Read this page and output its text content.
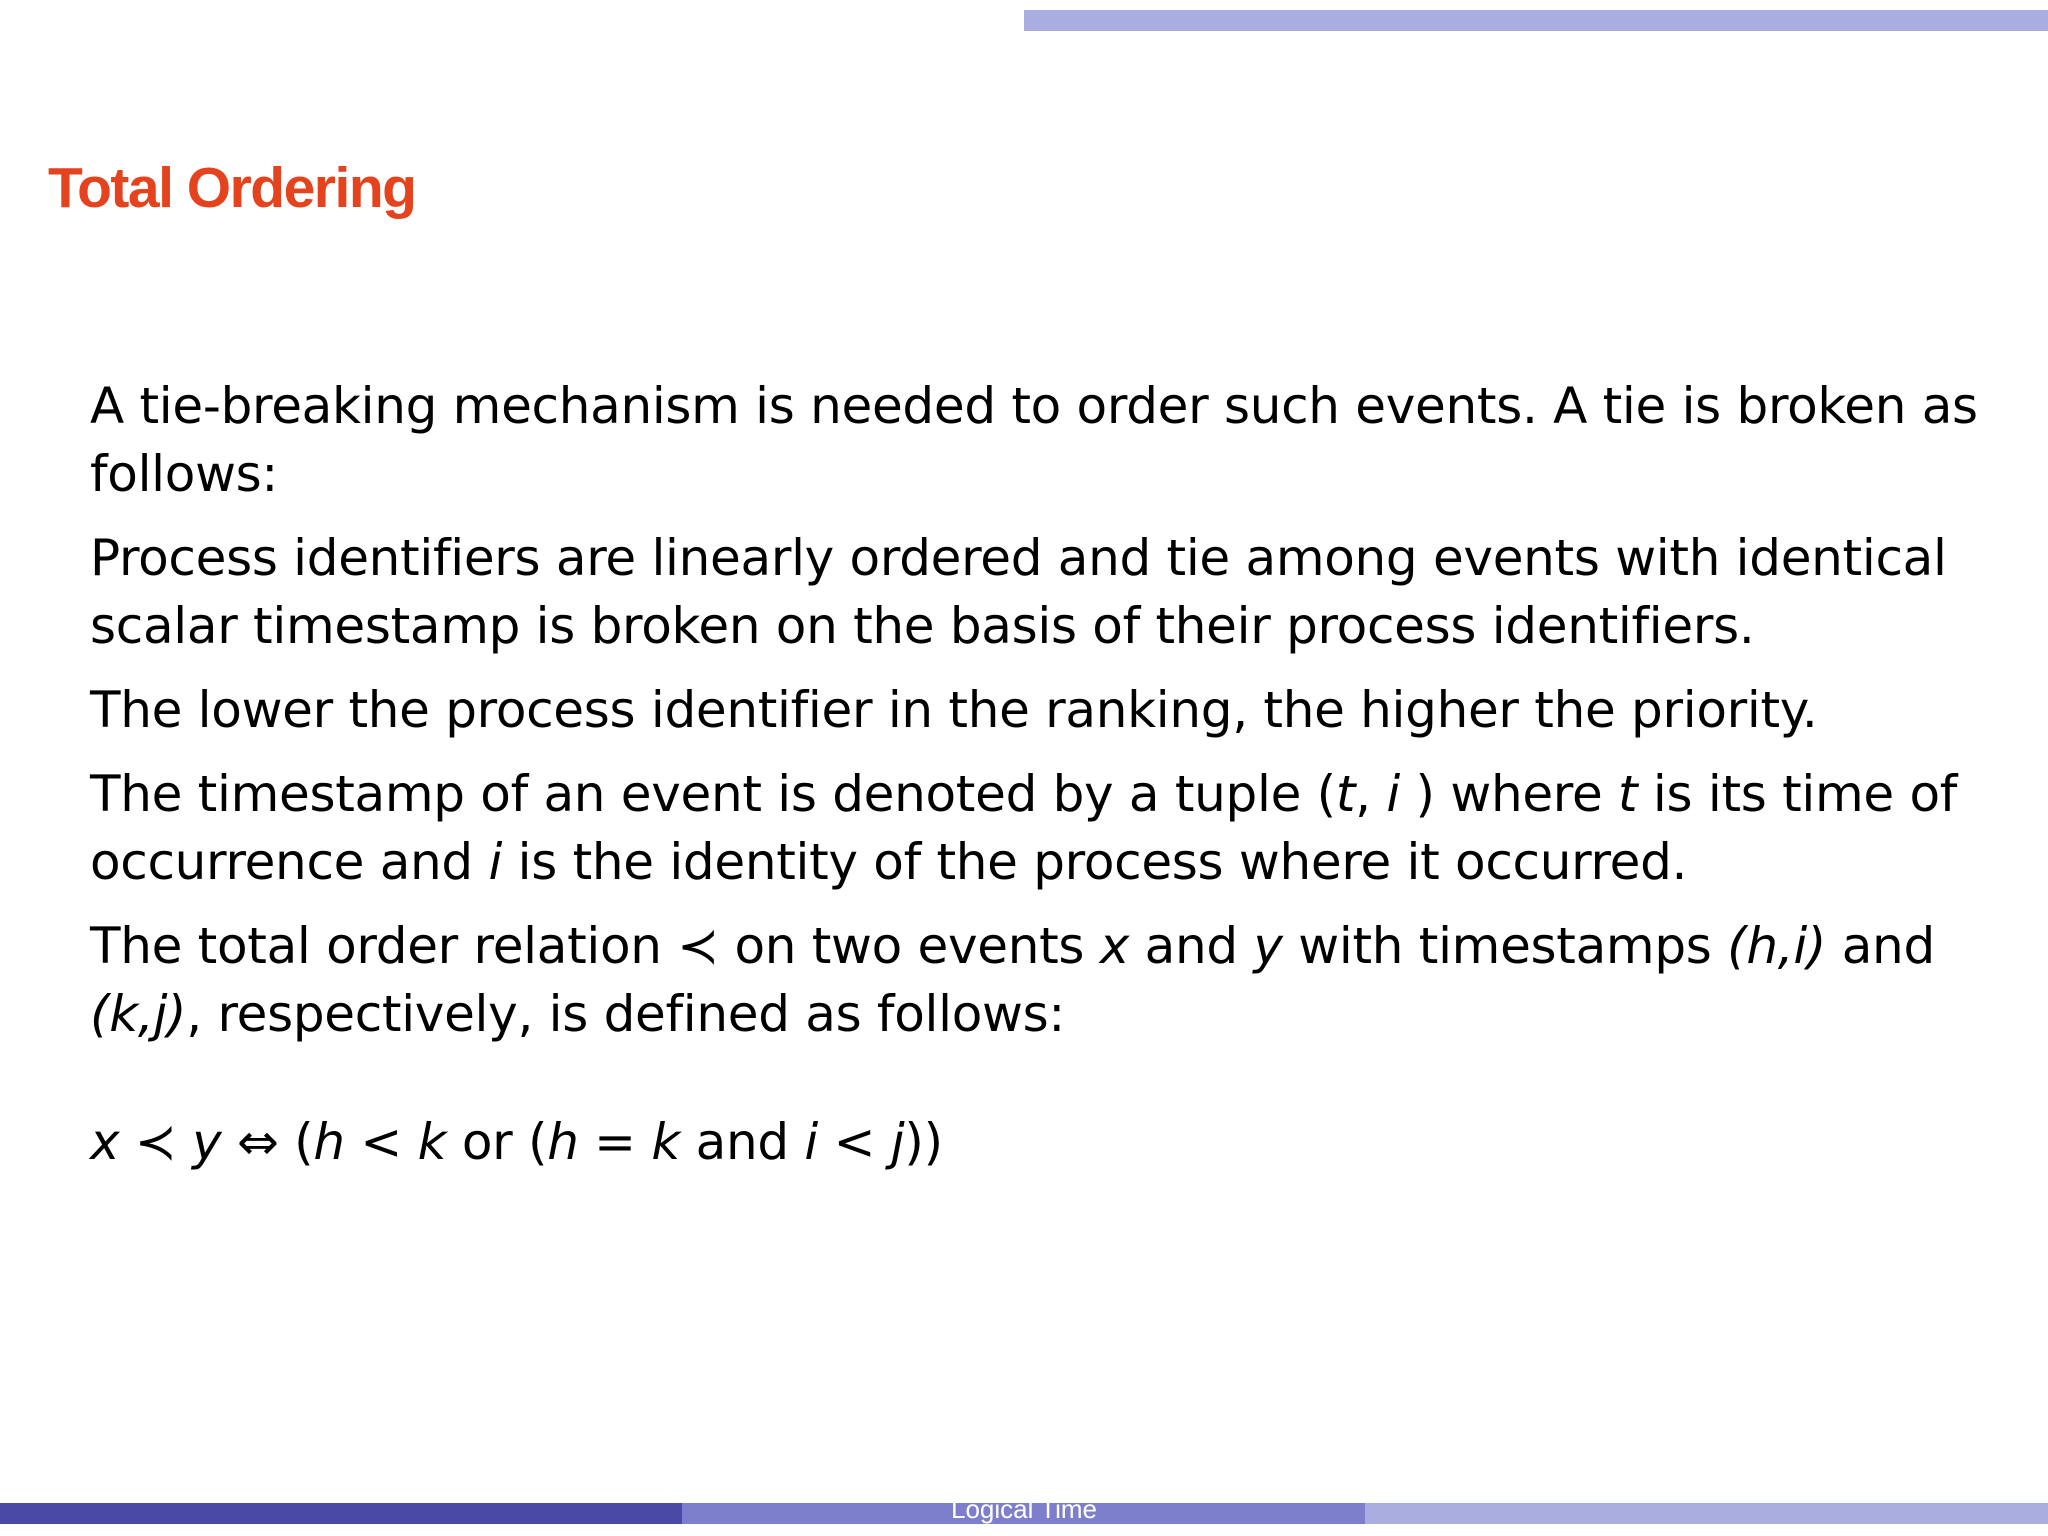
Total Ordering

A tie-breaking mechanism is needed to order such events. A tie is broken as follows:

Process identifiers are linearly ordered and tie among events with identical scalar timestamp is broken on the basis of their process identifiers.

The lower the process identifier in the ranking, the higher the priority.

The timestamp of an event is denoted by a tuple (t, i ) where t is its time of occurrence and i is the identity of the process where it occurred.

The total order relation ≺ on two events x and y with timestamps (h,i) and (k,j), respectively, is defined as follows:

x ≺ y ⇔ (h < k or (h = k and i < j))

Logical Time
